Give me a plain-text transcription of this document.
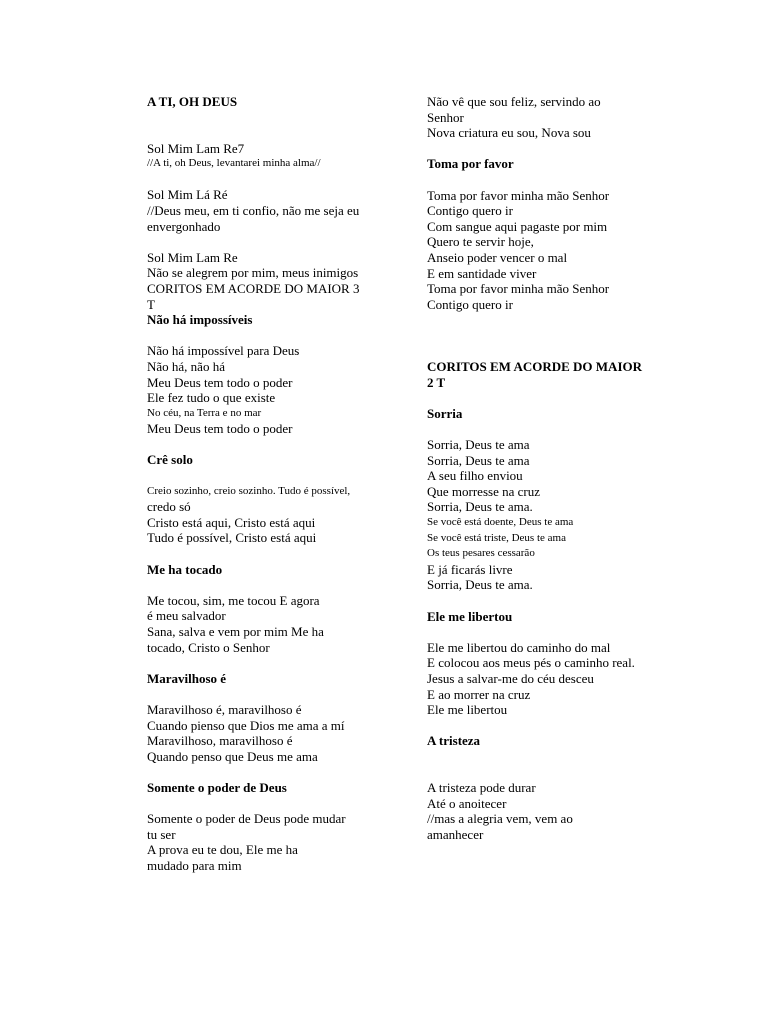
A TI, OH DEUS
Sol Mim Lam Re7
//A ti, oh Deus, levantarei minha alma//
Sol Mim Lá Ré
//Deus meu, em ti confio, não me seja eu
envergonhado
Sol Mim Lam Re
Não se alegrem por mim, meus inimigos
CORITOS EM ACORDE DO MAIOR 3
T
Não há impossíveis
Não há impossível para Deus
Não há, não há
Meu Deus tem todo o poder
Ele fez tudo o que existe
No céu, na Terra e no mar
Meu Deus tem todo o poder
Crê solo
Creio sozinho, creio sozinho. Tudo é possível,
credo só
Cristo está aqui, Cristo está aqui
Tudo é possível, Cristo está aqui
Me ha tocado
Me tocou, sim, me tocou E agora
é meu salvador
Sana, salva e vem por mim Me ha
tocado, Cristo o Senhor
Maravilhoso é
Maravilhoso é, maravilhoso é
Cuando pienso que Dios me ama a mí
Maravilhoso, maravilhoso é
Quando penso que Deus me ama
Somente o poder de Deus
Somente o poder de Deus pode mudar
tu ser
A prova eu te dou, Ele me ha
mudado para mim
Não vê que sou feliz, servindo ao
Senhor
Nova criatura eu sou, Nova sou
Toma por favor
Toma por favor minha mão Senhor
Contigo quero ir
Com sangue aqui pagaste por mim
Quero te servir hoje,
Anseio poder vencer o mal
E em santidade viver
Toma por favor minha mão Senhor
Contigo quero ir
CORITOS EM ACORDE DO MAIOR
2 T
Sorria
Sorria, Deus te ama
Sorria, Deus te ama
A seu filho enviou
Que morresse na cruz
Sorria, Deus te ama.
Se você está doente, Deus te ama
Se você está triste, Deus te ama
Os teus pesares cessarão
E já ficarás livre
Sorria, Deus te ama.
Ele me libertou
Ele me libertou do caminho do mal
E colocou aos meus pés o caminho real.
Jesus a salvar-me do céu desceu
E ao morrer na cruz
Ele me libertou
A tristeza
A tristeza pode durar
Até o anoitecer
//mas a alegria vem, vem ao
amanhecer
